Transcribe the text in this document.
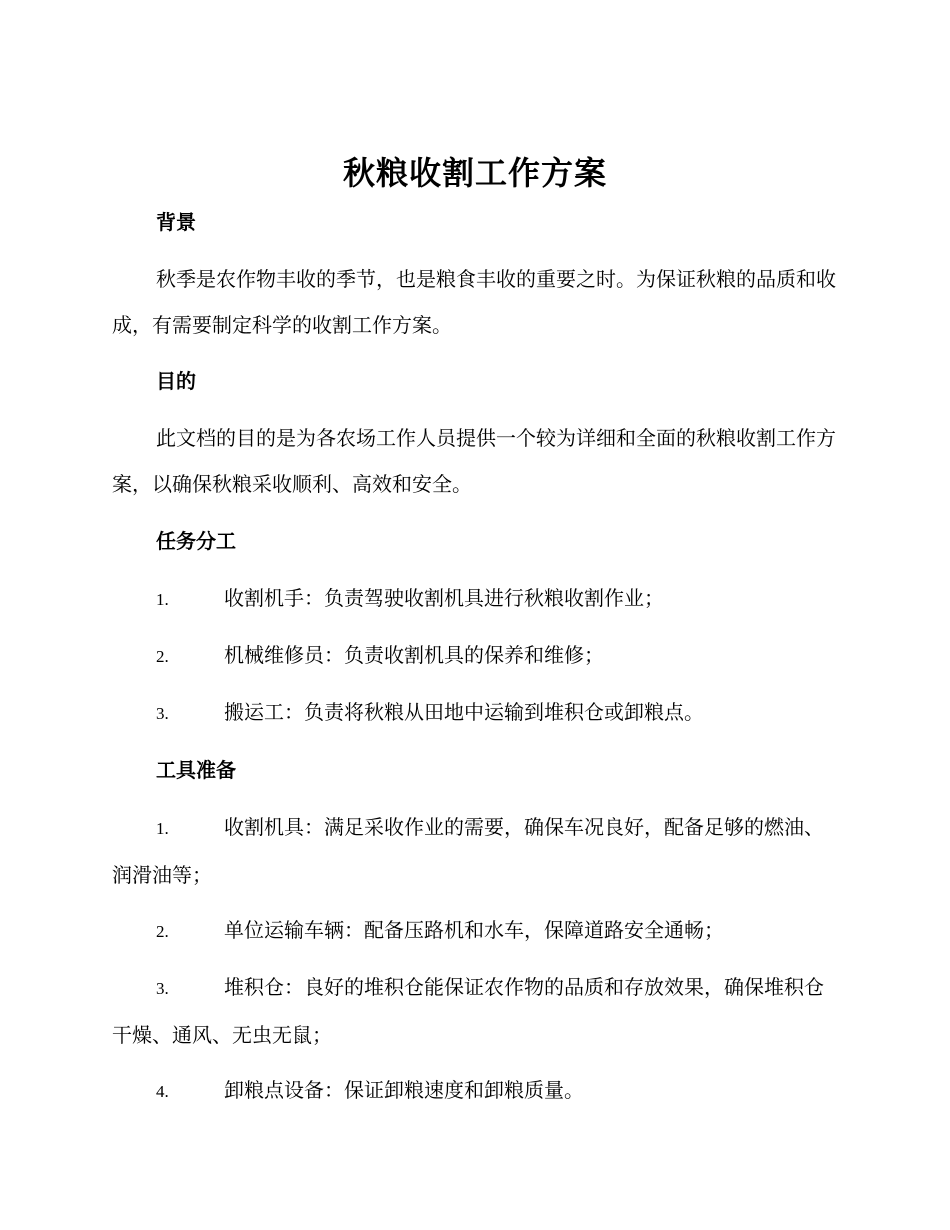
秋粮收割工作方案
背景
秋季是农作物丰收的季节，也是粮食丰收的重要之时。为保证秋粮的品质和收成，有需要制定科学的收割工作方案。
目的
此文档的目的是为各农场工作人员提供一个较为详细和全面的秋粮收割工作方案，以确保秋粮采收顺利、高效和安全。
任务分工
1.	收割机手：负责驾驶收割机具进行秋粮收割作业；
2.	机械维修员：负责收割机具的保养和维修；
3.	搬运工：负责将秋粮从田地中运输到堆积仓或卸粮点。
工具准备
1.	收割机具：满足采收作业的需要，确保车况良好，配备足够的燃油、润滑油等；
2.	单位运输车辆：配备压路机和水车，保障道路安全通畅；
3.	堆积仓：良好的堆积仓能保证农作物的品质和存放效果，确保堆积仓干燥、通风、无虫无鼠；
4.	卸粮点设备：保证卸粮速度和卸粮质量。
